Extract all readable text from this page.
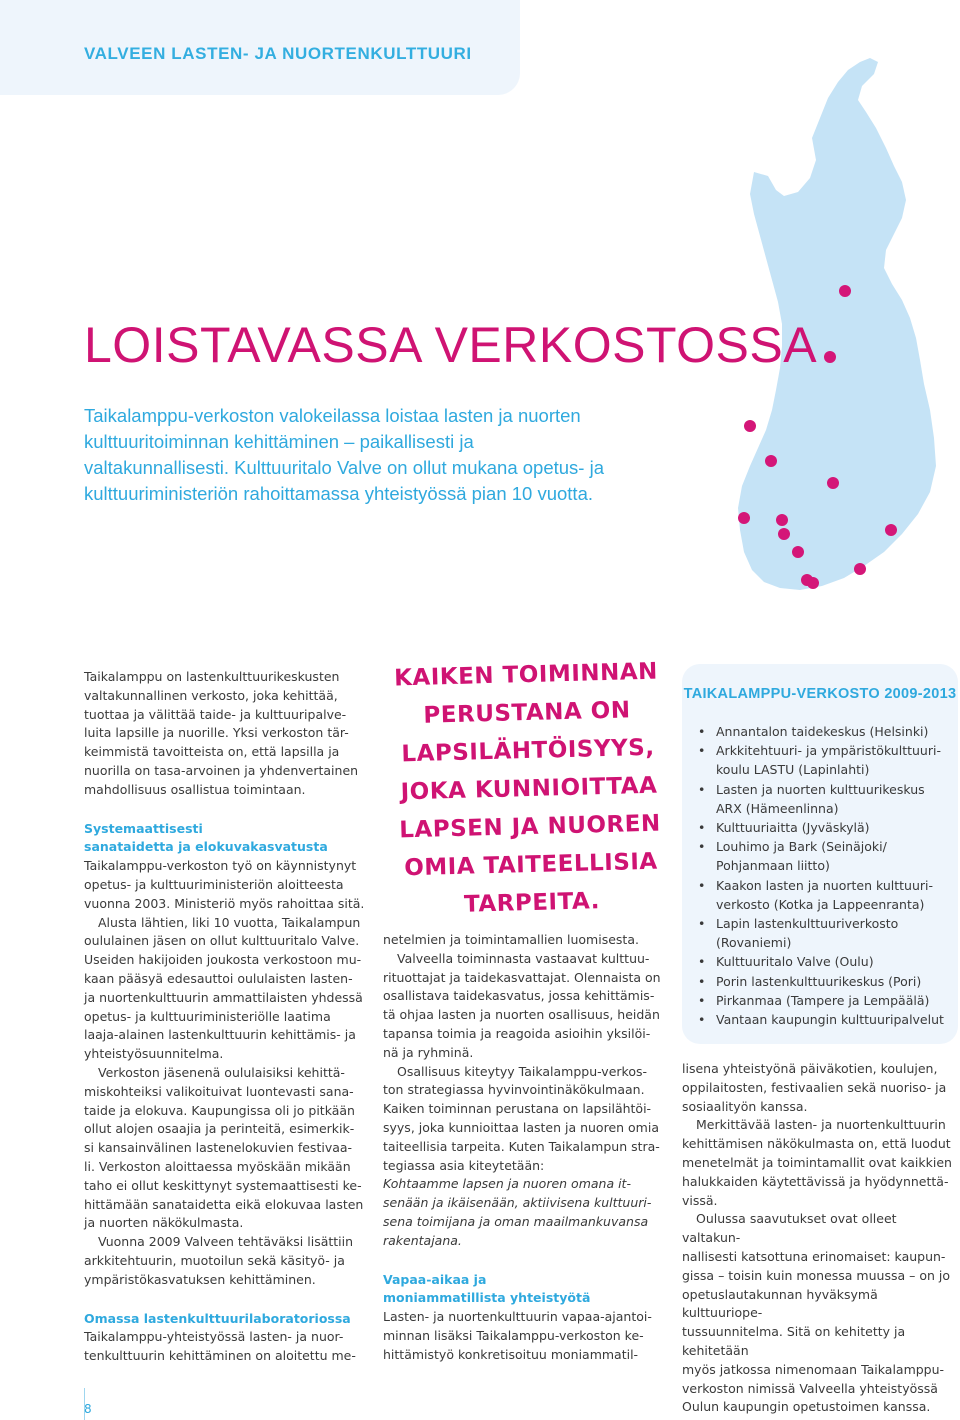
VALVEEN LASTEN- JA NUORTENKULTTUURI
LOISTAVASSA VERKOSTOSSA

Taikalamppu-verkoston valokeilassa loistaa lasten ja nuorten kulttuuritoiminnan kehittäminen – paikallisesti ja valtakunnallisesti. Kulttuuritalo Valve on ollut mukana opetus- ja kulttuuriministeriön rahoittamassa yhteistyössä pian 10 vuotta.

Taikalamppu on lastenkulttuurikeskusten
valtakunnallinen verkosto, joka kehittää,
tuottaa ja välittää taide- ja kulttuuripalve-
luita lapsille ja nuorille. Yksi verkoston tär-
keimmistä tavoitteista on, että lapsilla ja
nuorilla on tasa-arvoinen ja yhdenvertainen
mahdollisuus osallistua toimintaan.

Systemaattisesti
sanataidetta ja elokuvakasvatusta

Taikalamppu-verkoston työ on käynnistynyt
opetus- ja kulttuuriministeriön aloitteesta
vuonna 2003. Ministeriö myös rahoittaa sitä.

Alusta lähtien, liki 10 vuotta, Taikalampun
oululainen jäsen on ollut kulttuuritalo Valve.
Useiden hakijoiden joukosta verkostoon mu-
kaan pääsyä edesauttoi oululaisten lasten-
ja nuortenkulttuurin ammattilaisten yhdessä
opetus- ja kulttuuriministeriölle laatima
laaja-alainen lastenkulttuurin kehittämis- ja
yhteistyösuunnitelma.

Verkoston jäsenenä oululaisiksi kehittä-
miskohteiksi valikoituivat luontevasti sana-
taide ja elokuva. Kaupungissa oli jo pitkään
ollut alojen osaajia ja perinteitä, esimerkik-
si kansainvälinen lastenelokuvien festivaa-
li. Verkoston aloittaessa myöskään mikään
taho ei ollut keskittynyt systemaattisesti ke-
hittämään sanataidetta eikä elokuvaa lasten
ja nuorten näkökulmasta.

Vuonna 2009 Valveen tehtäväksi lisättiin
arkkitehtuurin, muotoilun sekä käsityö- ja
ympäristökasvatuksen kehittäminen.

Omassa lastenkulttuurilaboratoriossa

Taikalamppu-yhteistyössä lasten- ja nuor-
tenkulttuurin kehittäminen on aloitettu me-

KAIKEN TOIMINNAN
PERUSTANA ON
LAPSILÄHTÖISYYS,
JOKA KUNNIOITTAA
LAPSEN JA NUOREN
OMIA TAITEELLISIA
TARPEITA.

netelmien ja toimintamallien luomisesta.

Valveella toiminnasta vastaavat kulttuu-
rituottajat ja taidekasvattajat. Olennaista on
osallistava taidekasvatus, jossa kehittämis-
tä ohjaa lasten ja nuorten osallisuus, heidän
tapansa toimia ja reagoida asioihin yksilöi-
nä ja ryhminä.

Osallisuus kiteytyy Taikalamppu-verkos-
ton strategiassa hyvinvointinäkökulmaan.
Kaiken toiminnan perustana on lapsilähtöi-
syys, joka kunnioittaa lasten ja nuoren omia
taiteellisia tarpeita. Kuten Taikalampun stra-
tegiassa asia kiteytetään:

Kohtaamme lapsen ja nuoren omana it-
senään ja ikäisenään, aktiivisena kulttuuri-
sena toimijana ja oman maailmankuvansa
rakentajana.

Vapaa-aikaa ja
moniammatillista yhteistyötä

Lasten- ja nuortenkulttuurin vapaa-ajantoi-
minnan lisäksi Taikalamppu-verkoston ke-
hittämistyö konkretisoituu moniammatil-

TAIKALAMPPU-VERKOSTO 2009-2013
• Annantalon taidekeskus (Helsinki)
• Arkkitehtuuri- ja ympäristökulttuuri-
koulu LASTU (Lapinlahti)
• Lasten ja nuorten kulttuurikeskus
ARX (Hämeenlinna)
• Kulttuuriaitta (Jyväskylä)
• Louhimo ja Bark (Seinäjoki/
Pohjanmaan liitto)
• Kaakon lasten ja nuorten kulttuuri-
verkosto (Kotka ja Lappeenranta)
• Lapin lastenkulttuuriverkosto
(Rovaniemi)
• Kulttuuritalo Valve (Oulu)
• Porin lastenkulttuurikeskus (Pori)
• Pirkanmaa (Tampere ja Lempäälä)
• Vantaan kaupungin kulttuuripalvelut

lisena yhteistyönä päiväkotien, koulujen,
oppilaitosten, festivaalien sekä nuoriso- ja
sosiaalityön kanssa.

Merkittävää lasten- ja nuortenkulttuurin
kehittämisen näkökulmasta on, että luodut
menetelmät ja toimintamallit ovat kaikkien
halukkaiden käytettävissä ja hyödynnettä-
vissä.

Oulussa saavutukset ovat olleet valtakun-
nallisesti katsottuna erinomaiset: kaupun-
gissa – toisin kuin monessa muussa – on jo
opetuslautakunnan hyväksymä kulttuuriope-
tussuunnitelma. Sitä on kehitetty ja kehitetään
myös jatkossa nimenomaan Taikalamppu-
verkoston nimissä Valveella yhteistyössä
Oulun kaupungin opetustoimen kanssa.

8
